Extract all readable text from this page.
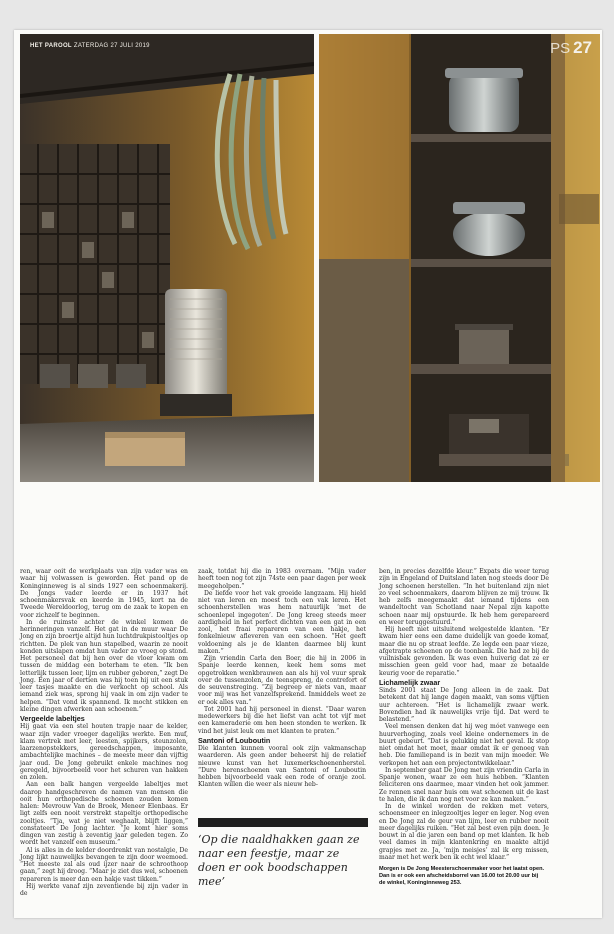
HET PAROOL ZATERDAG 27 JULI 2019	PS 27

ren, waar ooit de werkplaats van zijn vader was en waar hij volwassen is geworden. Het pand op de Koninginneweg is al sinds 1927 een schoenmakerij. De Jongs vader leerde er in 1937 het schoenmakersvak en keerde in 1945, kort na de Tweede Wereldoorlog, terug om de zaak te kopen en voor zichzelf te beginnen.

In de ruimste achter de winkel komen de herinneringen vanzelf. Het gat in de muur waar De Jong en zijn broertje altijd hun luchtdrukpistooltjes op richtten. De plek van hun stapelbed, waarin ze nooit konden uitslapen omdat hun vader zo vroeg op stond. Het personeel dat bij hen over de vloer kwam om tussen de middag een boterham te eten. “Ik ben letterlijk tussen leer, lijm en rubber geboren,” zegt De Jong. Een jaar of dertien was hij toen hij uit een stuk leer tasjes maakte en die verkocht op school. Als iemand ziek was, sprong hij vaak in om zijn vader te helpen. “Dat vond ik spannend. Ik mocht stikken en kleine dingen afwerken aan schoenen.”

Vergeelde labeltjes

Hij gaat via een stel houten trapje naar de kelder, waar zijn vader vroeger dagelijks werkte. Een muf, klam vertrek met leer, leesten, spijkers, steunzolen, laarzenopstekkers, gereedschappen, imposante, ambachtelijke machines – de meeste meer dan vijftig jaar oud. De Jong gebruikt enkele machines nog geregeld, bijvoorbeeld voor het schuren van hakken en zolen.

Aan een balk hangen vergeelde labeltjes met daarop handgeschreven de namen van mensen die ooit hun orthopedische schoenen zouden komen halen: Mevrouw Van de Broek, Meneer Elenbaas. Er ligt zelfs een nooit verstrekt stapeltje orthopedische zooltjes. “Tja, wat je niet weghaalt, blijft liggen,” constateert De Jong lachter. “Je komt hier soms dingen van zestig à zeventig jaar geleden tegen. Zo wordt het vanzelf een museum.”

Al is alles in de kelder doordrenkt van nostalgie, De Jong lijkt nauwelijks bevangen te zijn door weemoed. “Het meeste zal als oud ijzer naar de schroothoop gaan,” zegt hij droog. “Maar je ziet dus wel, schoenen repareren is meer dan een hakje vast tikken.”

Hij werkte vanaf zijn zeventiende bij zijn vader in de

zaak, totdat hij die in 1983 overnam. “Mijn vader heeft toen nog tot zijn 74ste een paar dagen per week meegeholpen.”

De liefde voor het vak groeide langzaam. Hij hield niet van leren en moest toch een vak leren. Het schoenherstellen was hem natuurlijk ‘met de schoenlepel ingegoten’. De Jong kreeg steeds meer aardigheid in het perfect dichten van een gat in een zool, het fraai repareren van een hakje, het fonkelnieuw afleveren van een schoen. “Het geeft voldoening als je de klanten daarmee blij kunt maken.”

Zijn vriendin Carla den Boer, die hij in 2006 in Spanje leerde kennen, keek hem soms met opgetrokken wenkbrauwen aan als hij vol vuur sprak over de tussenzolen, de teenspreng, de contrefort of de seuvenstreging. “Zij begreep er niets van, maar voor mij was het vanzelfsprekend. Inmiddels weet ze er ook alles van.”

Tot 2001 had hij personeel in dienst. “Daar waren medewerkers bij die het liefst van acht tot vijf met een kameraderie om hen heen stonden te werken. Ik vind het juist leuk om met klanten te praten.”

Santoni of Louboutin

Die klanten kunnen vooral ook zijn vakmanschap waarderen. Als geen ander beheerst hij de relatief nieuwe kunst van het luxemerkschoenenherstel. “Dure herenschoenen van Santoni of Louboutin hebben bijvoorbeeld vaak een rode of oranje zool. Klanten willen die weer als nieuw heb-

ben, in precies dezelfde kleur.” Expats die weer terug zijn in Engeland of Duitsland laten nog steeds door De Jong schoenen herstellen. “In het buitenland zijn niet zo veel schoenmakers, daarom blijven ze mij trouw. Ik heb zelfs meegemaakt dat iemand tijdens een wandeltocht van Schotland naar Nepal zijn kapotte schoen naar mij opstuurde. Ik heb hem gerepareerd en weer teruggestuurd.”

Hij heeft niet uitsluitend welgestelde klanten. “Er kwam hier eens een dame duidelijk van goede komaf, maar die nu op straat leefde. Ze legde een paar vieze, afgetrapte schoenen op de toonbank. Die had ze bij de vuilnisbak gevonden. Ik was even huiverig dat ze er misschien geen geld voor had, maar ze betaalde keurig voor de reparatie.”

Lichamelijk zwaar

Sinds 2001 staat De Jong alleen in de zaak. Dat betekent dat hij lange dagen maakt, van soms vijftien uur achtereen. “Het is lichamelijk zwaar werk. Bovendien had ik nauwelijks vrije tijd. Dat werd te belastend.”

Veel mensen denken dat hij weg móet vanwege een huurverhoging, zoals veel kleine ondernemers in de buurt gebeurt. “Dat is gelukkig niet het geval. Ik stop niet omdat het moet, maar omdat ik er genoeg van heb. Die familiepand is in bezit van mijn moeder. We verkopen het aan een projectontwikkelaar.”

In september gaat De Jong met zijn vriendin Carla in Spanje wonen, waar ze een huis hebben. “Klanten feliciteren ons daarmee, maar vinden het ook jammer. Ze rennen snel naar huis om wat schoenen uit de kast te halen, die ik dan nog net voor ze kan maken.”

In de winkel worden de rekken met veters, schoensmeer en inlegzooltjes leger en leger. Nog even en De Jong zal de geur van lijm, leer en rubber nooit meer dagelijks ruiken. “Het zal best even pijn doen. Je bouwt in al die jaren een band op met klanten. Ik heb veel dames in mijn klantenkring en maakte altijd grapjes met ze. Ja, ‘mijn meisjes’ zal ik erg missen, maar met het werk ben ik echt wel klaar.”

Morgen is De Jong Meesterschoenmaker voor het laatst open.
Dan is er ook een afscheidsborrel van 16.00 tot 20.00 uur bij
de winkel, Koninginneweg 253.
‘Op die naaldhakken gaan ze naar een feestje, maar ze doen er ook boodschappen mee’
